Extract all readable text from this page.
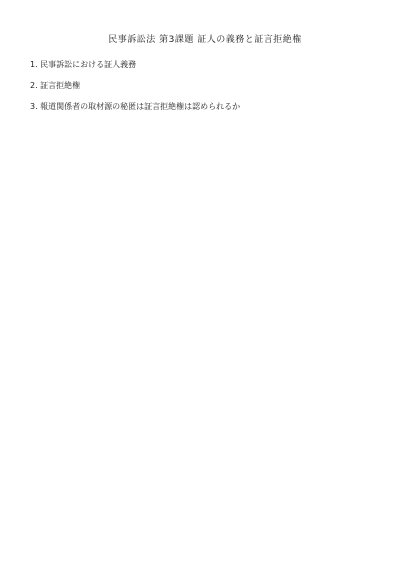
民事訴訟法 第3課題 証人の義務と証言拒絶権
1. 民事訴訟における証人義務
2. 証言拒絶権
3. 報道関係者の取材源の秘匿は証言拒絶権は認められるか
